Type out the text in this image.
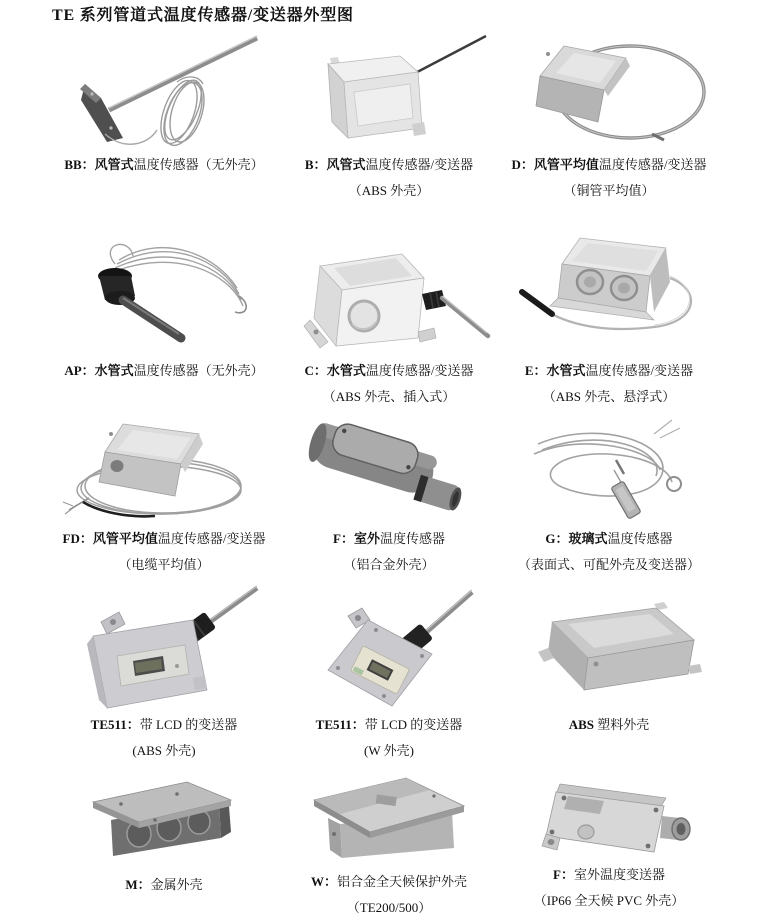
TE 系列管道式温度传感器/变送器外型图
BB：风管式温度传感器（无外壳）	B：风管式温度传感器/变送器
（ABS 外壳）
D：风管平均值温度传感器/变送器
（铜管平均值）
AP：水管式温度传感器（无外壳）	C：水管式温度传感器/变送器
（ABS 外壳、插入式）
E：水管式温度传感器/变送器
（ABS 外壳、悬浮式）
FD：风管平均值温度传感器/变送器
（电缆平均值）
F：室外温度传感器
（铝合金外壳）
G：玻璃式温度传感器
（表面式、可配外壳及变送器）
TE511：带 LCD 的变送器
(ABS 外壳)
TE511：带 LCD 的变送器
(W 外壳)
ABS 塑料外壳
M：金属外壳	W：铝合金全天候保护外壳
（TE200/500）
F：室外温度变送器
（IP66 全天候 PVC 外壳）
